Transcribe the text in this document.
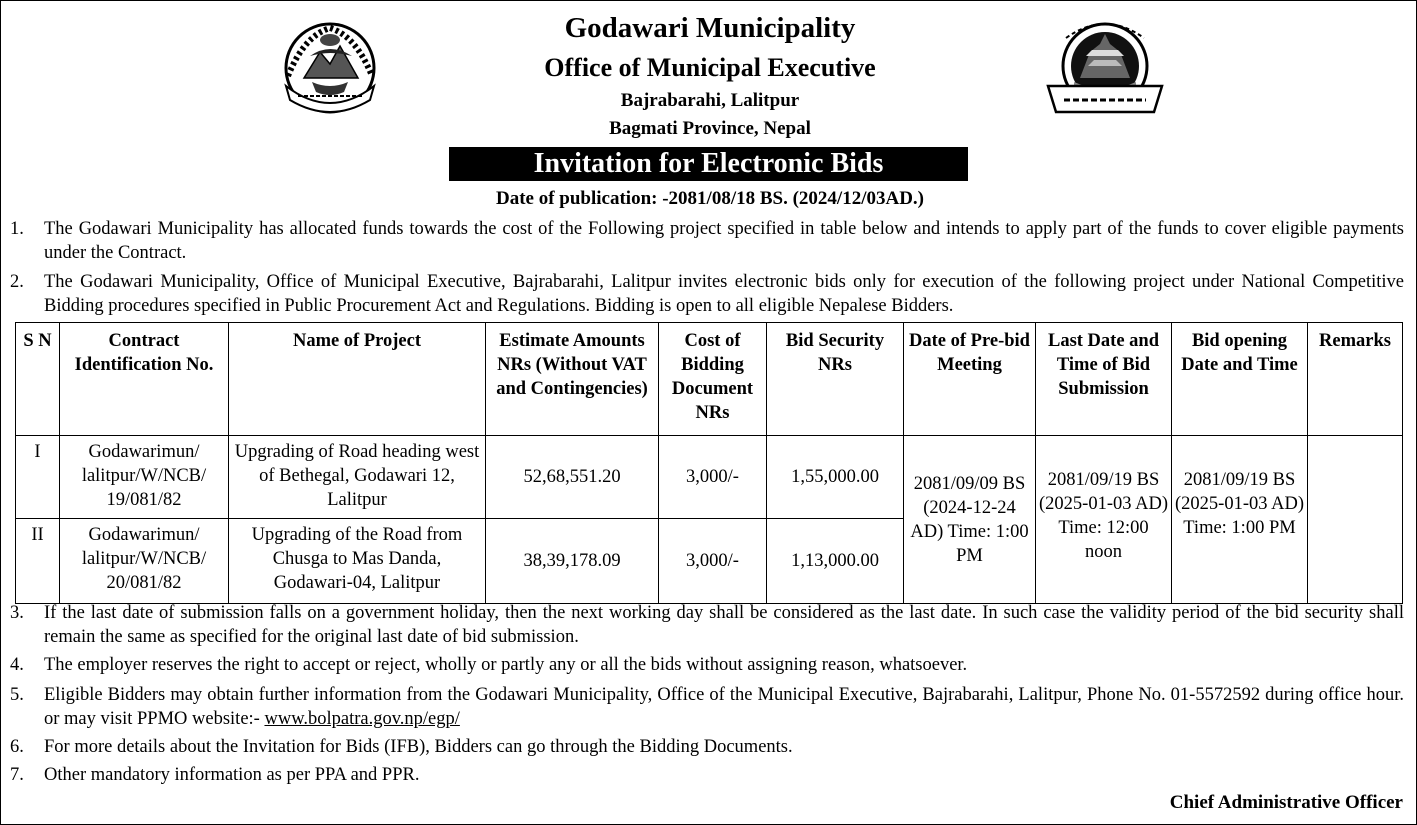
Godawari Municipality
Office of Municipal Executive
Bajrabarahi, Lalitpur
Bagmati Province, Nepal
Invitation for Electronic Bids
Date of publication: -2081/08/18 BS. (2024/12/03AD.)
1.	The Godawari Municipality has allocated funds towards the cost of the Following project specified in table below and intends to apply part of the funds to cover eligible payments under the Contract.
2.	The Godawari Municipality, Office of Municipal Executive, Bajrabarahi, Lalitpur invites electronic bids only for execution of the following project under National Competitive Bidding procedures specified in Public Procurement Act and Regulations. Bidding is open to all eligible Nepalese Bidders.
S N	Contract Identification No.	Name of Project	Estimate Amounts NRs (Without VAT and Contingencies)	Cost of Bidding Document NRs	Bid Security NRs	Date of Pre-bid Meeting	Last Date and Time of Bid Submission	Bid opening Date and Time	Remarks
I	Godawarimun/ lalitpur/W/NCB/ 19/081/82	Upgrading of Road heading west of Bethegal, Godawari 12, Lalitpur	52,68,551.20	3,000/-	1,55,000.00	2081/09/09 BS (2024-12-24 AD) Time: 1:00 PM	2081/09/19 BS (2025-01-03 AD) Time: 12:00 noon	2081/09/19 BS (2025-01-03 AD) Time: 1:00 PM	
II	Godawarimun/ lalitpur/W/NCB/ 20/081/82	Upgrading of the Road from Chusga to Mas Danda, Godawari-04, Lalitpur	38,39,178.09	3,000/-	1,13,000.00				
3.	If the last date of submission falls on a government holiday, then the next working day shall be considered as the last date. In such case the validity period of the bid security shall remain the same as specified for the original last date of bid submission.
4.	The employer reserves the right to accept or reject, wholly or partly any or all the bids without assigning reason, whatsoever.
5.	Eligible Bidders may obtain further information from the Godawari Municipality, Office of the Municipal Executive, Bajrabarahi, Lalitpur, Phone No. 01-5572592 during office hour. or may visit PPMO website:- www.bolpatra.gov.np/egp/
6.	For more details about the Invitation for Bids (IFB), Bidders can go through the Bidding Documents.
7.	Other mandatory information as per PPA and PPR.
Chief Administrative Officer
